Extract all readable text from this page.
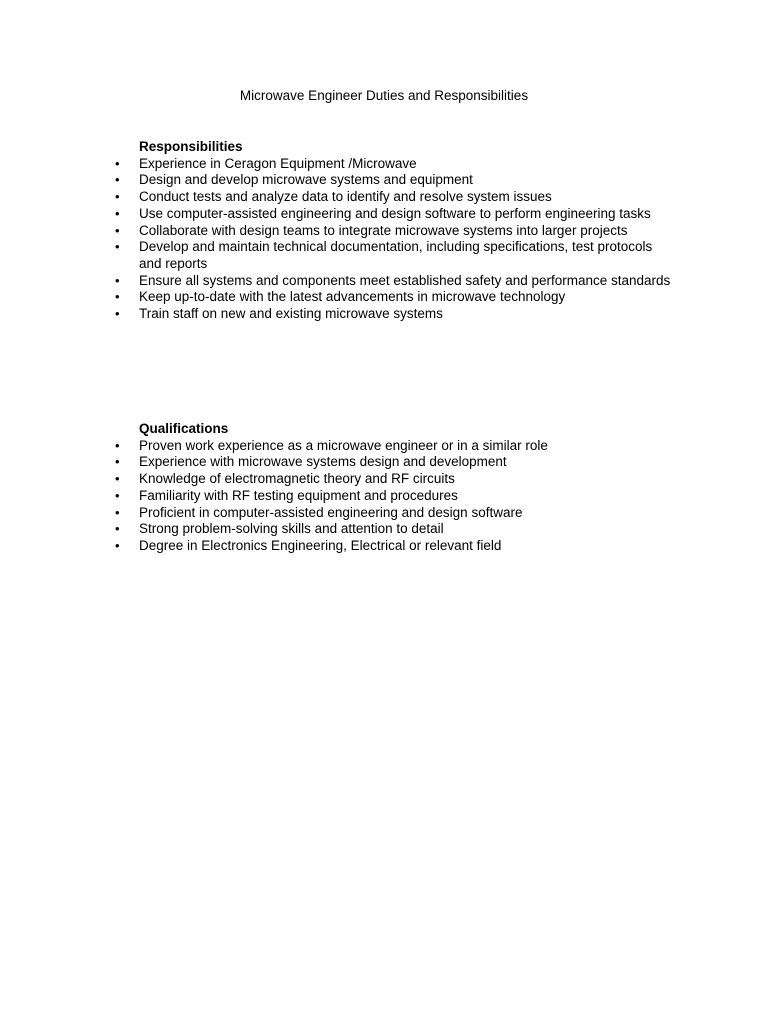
Microwave Engineer Duties and Responsibilities
Responsibilities
•	Experience in Ceragon Equipment /Microwave
•	Design and develop microwave systems and equipment
•	Conduct tests and analyze data to identify and resolve system issues
•	Use computer-assisted engineering and design software to perform engineering tasks
•	Collaborate with design teams to integrate microwave systems into larger projects
•	Develop and maintain technical documentation, including specifications, test protocols and reports
•	Ensure all systems and components meet established safety and performance standards
•	Keep up-to-date with the latest advancements in microwave technology
•	Train staff on new and existing microwave systems
Qualifications
•	Proven work experience as a microwave engineer or in a similar role
•	Experience with microwave systems design and development
•	Knowledge of electromagnetic theory and RF circuits
•	Familiarity with RF testing equipment and procedures
•	Proficient in computer-assisted engineering and design software
•	Strong problem-solving skills and attention to detail
•	Degree in Electronics Engineering, Electrical or relevant field
